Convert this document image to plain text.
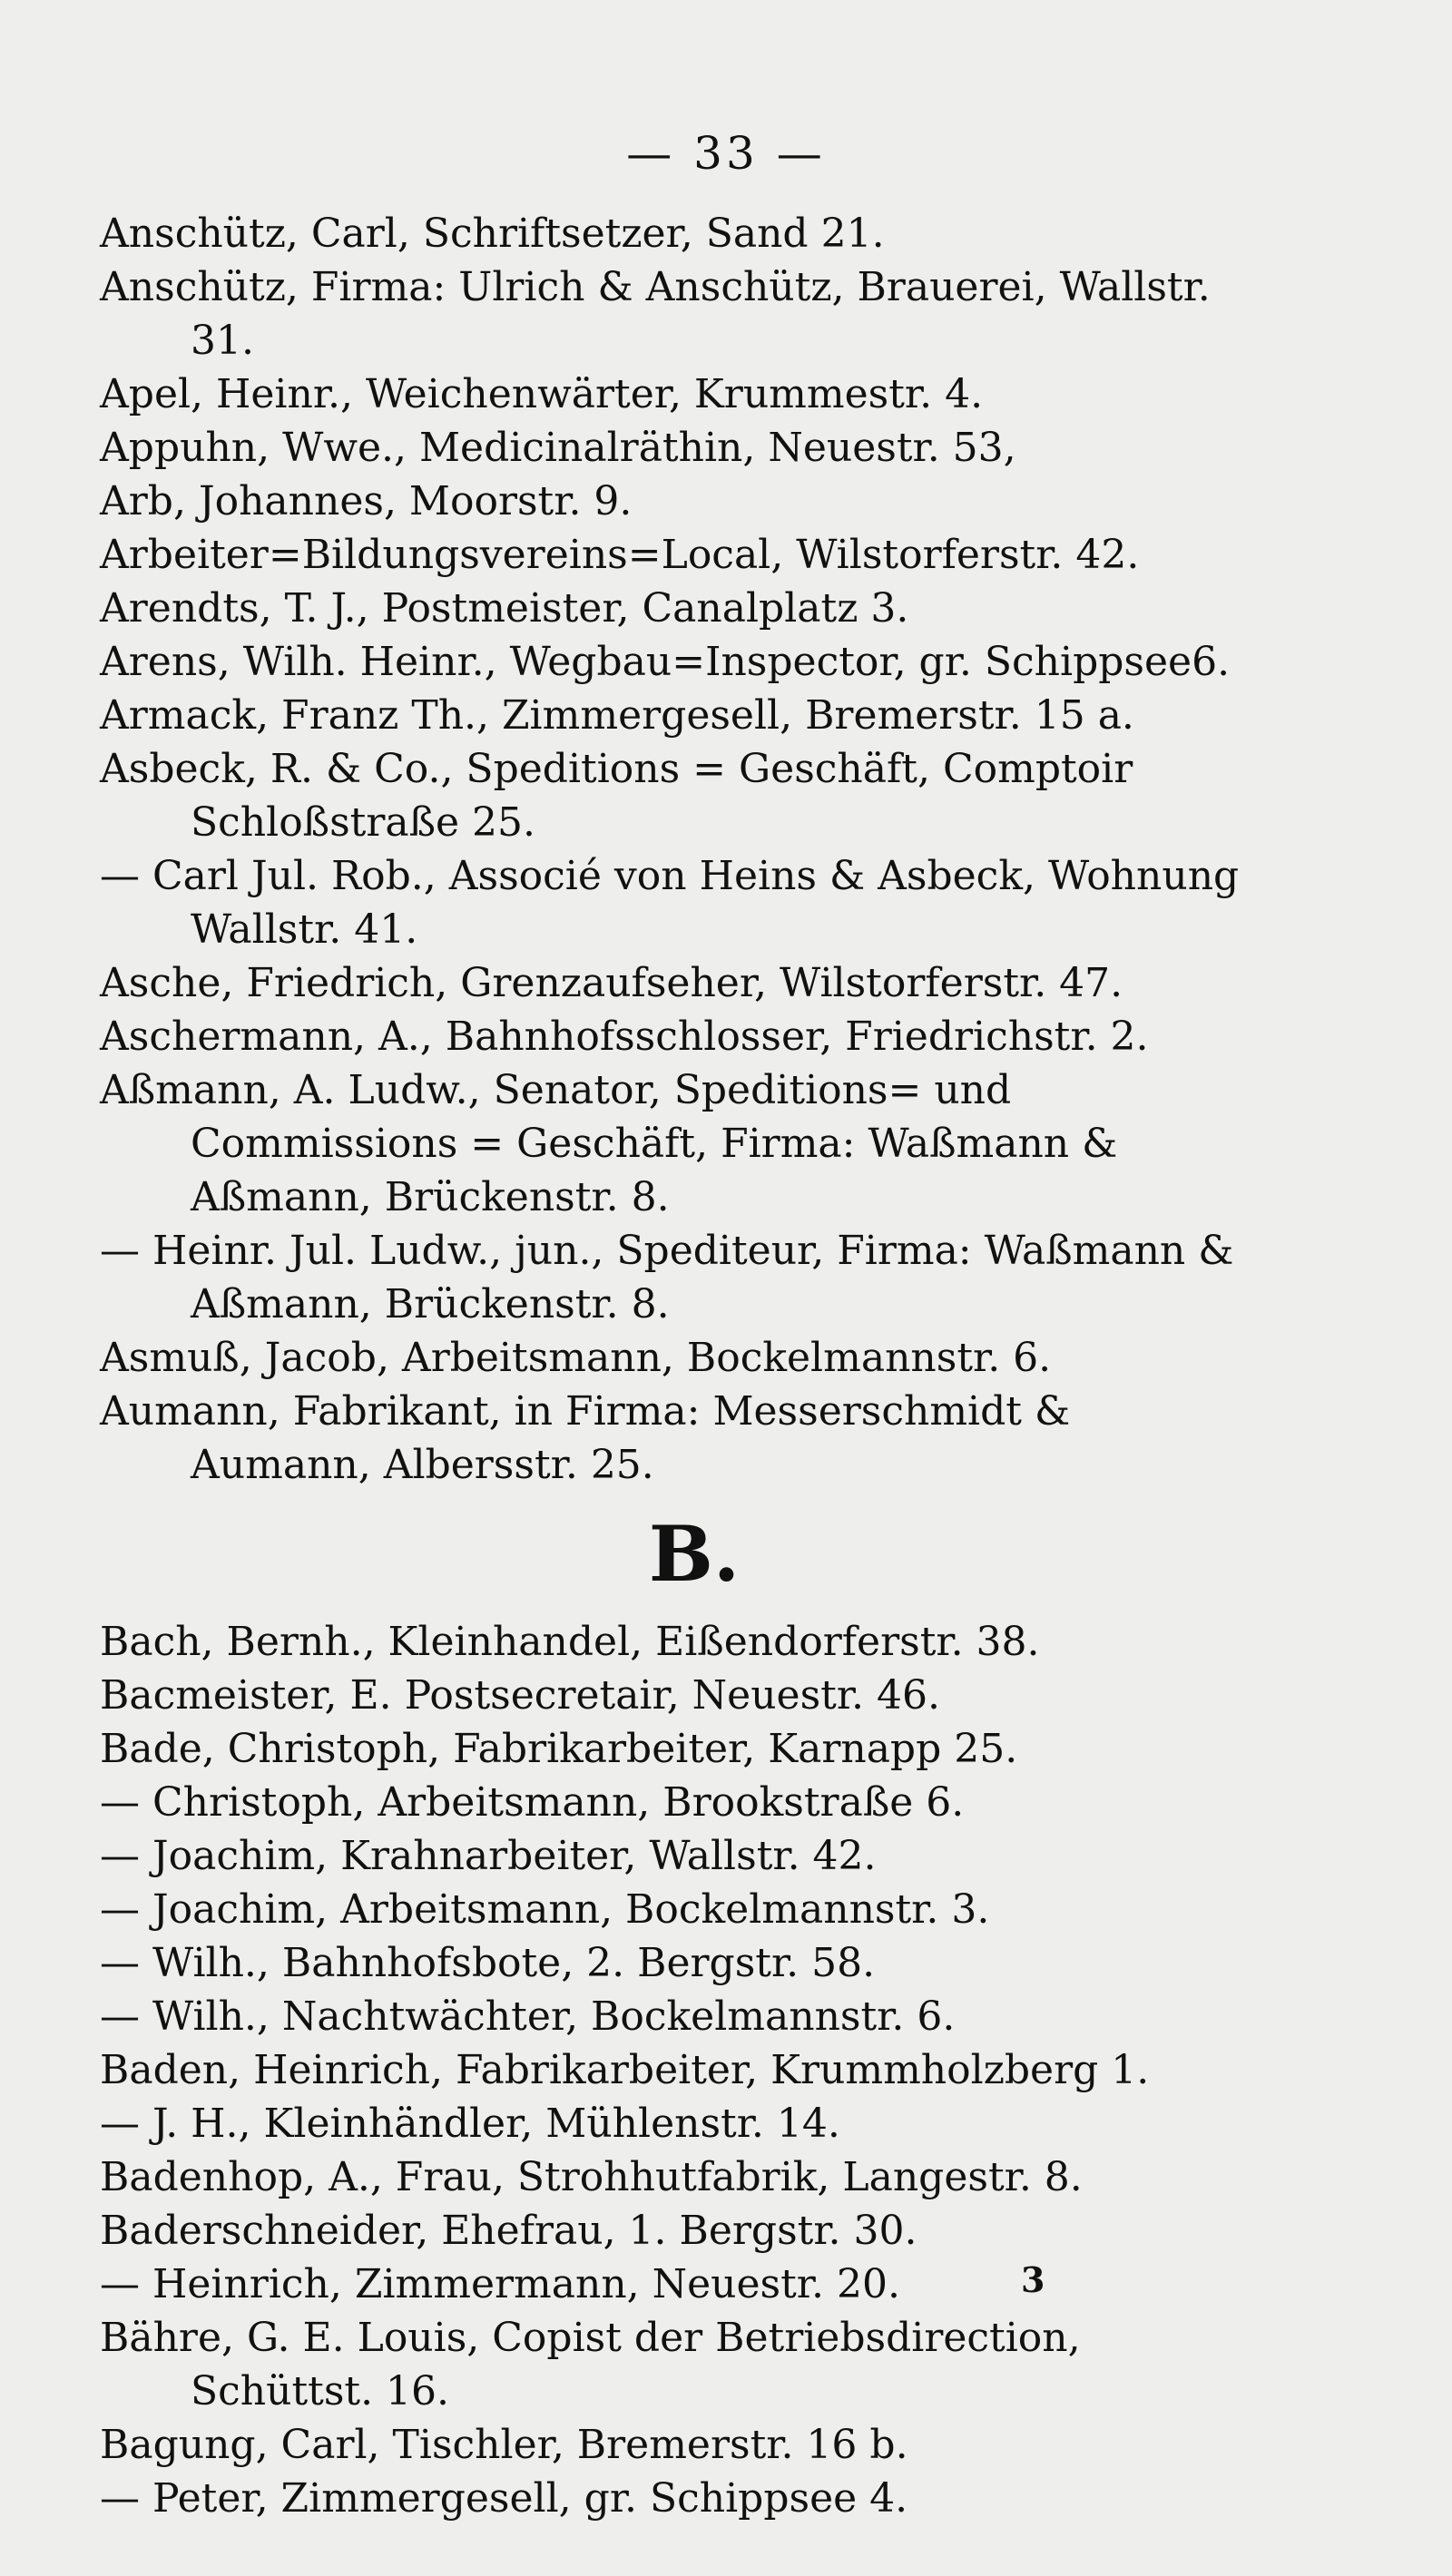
— 33 —

Anschütz, Carl, Schriftsetzer, Sand 21.

Anschütz, Firma: Ulrich & Anschütz, Brauerei, Wallstr. 31.

Apel, Heinr., Weichenwärter, Krummestr. 4.

Appuhn, Wwe., Medicinalräthin, Neuestr. 53,

Arb, Johannes, Moorstr. 9.

Arbeiter=Bildungsvereins=Local, Wilstorferstr. 42.

Arendts, T. J., Postmeister, Canalplatz 3.

Arens, Wilh. Heinr., Wegbau=Inspector, gr. Schippsee6.

Armack, Franz Th., Zimmergesell, Bremerstr. 15 a.

Asbeck, R. & Co., Speditions = Geschäft, Comptoir Schloßstraße 25.

— Carl Jul. Rob., Associé von Heins & Asbeck, Wohnung Wallstr. 41.

Asche, Friedrich, Grenzaufseher, Wilstorferstr. 47.

Aschermann, A., Bahnhofsschlosser, Friedrichstr. 2.

Aßmann, A. Ludw., Senator, Speditions= und Commissions = Geschäft, Firma: Waßmann & Aßmann, Brückenstr. 8.

— Heinr. Jul. Ludw., jun., Spediteur, Firma: Waßmann & Aßmann, Brückenstr. 8.

Asmuß, Jacob, Arbeitsmann, Bockelmannstr. 6.

Aumann, Fabrikant, in Firma: Messerschmidt & Aumann, Albersstr. 25.

B.

Bach, Bernh., Kleinhandel, Eißendorferstr. 38.

Bacmeister, E. Postsecretair, Neuestr. 46.

Bade, Christoph, Fabrikarbeiter, Karnapp 25.

— Christoph, Arbeitsmann, Brookstraße 6.

— Joachim, Krahnarbeiter, Wallstr. 42.

— Joachim, Arbeitsmann, Bockelmannstr. 3.

— Wilh., Bahnhofsbote, 2. Bergstr. 58.

— Wilh., Nachtwächter, Bockelmannstr. 6.

Baden, Heinrich, Fabrikarbeiter, Krummholzberg 1.

— J. H., Kleinhändler, Mühlenstr. 14.

Badenhop, A., Frau, Strohhutfabrik, Langestr. 8.

Baderschneider, Ehefrau, 1. Bergstr. 30.

— Heinrich, Zimmermann, Neuestr. 20.

Bähre, G. E. Louis, Copist der Betriebsdirection, Schüttst. 16.

Bagung, Carl, Tischler, Bremerstr. 16 b.

— Peter, Zimmergesell, gr. Schippsee 4.

3
